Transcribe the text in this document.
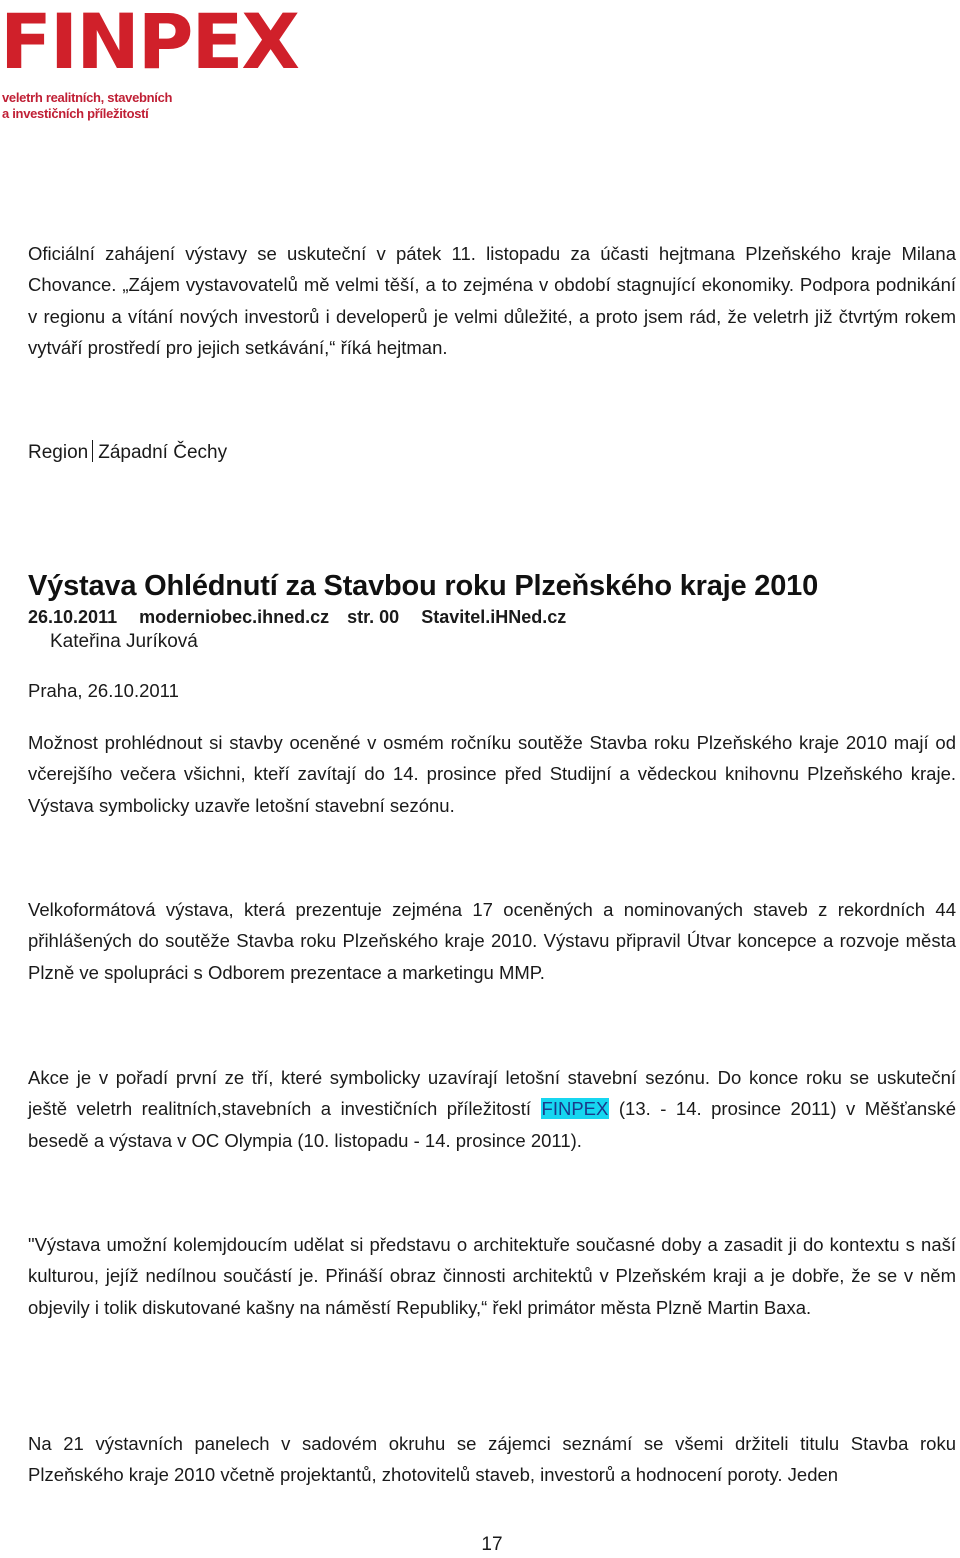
FINPEX
veletrh realitních, stavebních
a investičních příležitostí

Oficiální zahájení výstavy se uskuteční v pátek 11. listopadu za účasti hejtmana Plzeňského kraje Milana Chovance. „Zájem vystavovatelů mě velmi těší, a to zejména v období stagnující ekonomiky. Podpora podnikání v regionu a vítání nových investorů i developerů je velmi důležité, a proto jsem rád, že veletrh již čtvrtým rokem vytváří prostředí pro jejich setkávání,“ říká hejtman.

Region Západní Čechy
Výstava Ohlédnutí za Stavbou roku Plzeňského kraje 2010
26.10.2011 moderniobec.ihned.cz str. 00 Stavitel.iHNed.cz
Kateřina Juríková
Praha, 26.10.2011

Možnost prohlédnout si stavby oceněné v osmém ročníku soutěže Stavba roku Plzeňského kraje 2010 mají od včerejšího večera všichni, kteří zavítají do 14. prosince před Studijní a vědeckou knihovnu Plzeňského kraje. Výstava symbolicky uzavře letošní stavební sezónu.

Velkoformátová výstava, která prezentuje zejména 17 oceněných a nominovaných staveb z rekordních 44 přihlášených do soutěže Stavba roku Plzeňského kraje 2010. Výstavu připravil Útvar koncepce a rozvoje města Plzně ve spolupráci s Odborem prezentace a marketingu MMP.

Akce je v pořadí první ze tří, které symbolicky uzavírají letošní stavební sezónu. Do konce roku se uskuteční ještě veletrh realitních,stavebních a investičních příležitostí FINPEX (13. - 14. prosince 2011) v Měšťanské besedě a výstava v OC Olympia (10. listopadu - 14. prosince 2011).

"Výstava umožní kolemjdoucím udělat si představu o architektuře současné doby a zasadit ji do kontextu s naší kulturou, jejíž nedílnou součástí je. Přináší obraz činnosti architektů v Plzeňském kraji a je dobře, že se v něm objevily i tolik diskutované kašny na náměstí Republiky,“ řekl primátor města Plzně Martin Baxa.

Na 21 výstavních panelech v sadovém okruhu se zájemci seznámí se všemi držiteli titulu Stavba roku Plzeňského kraje 2010 včetně projektantů, zhotovitelů staveb, investorů a hodnocení poroty. Jeden

17
